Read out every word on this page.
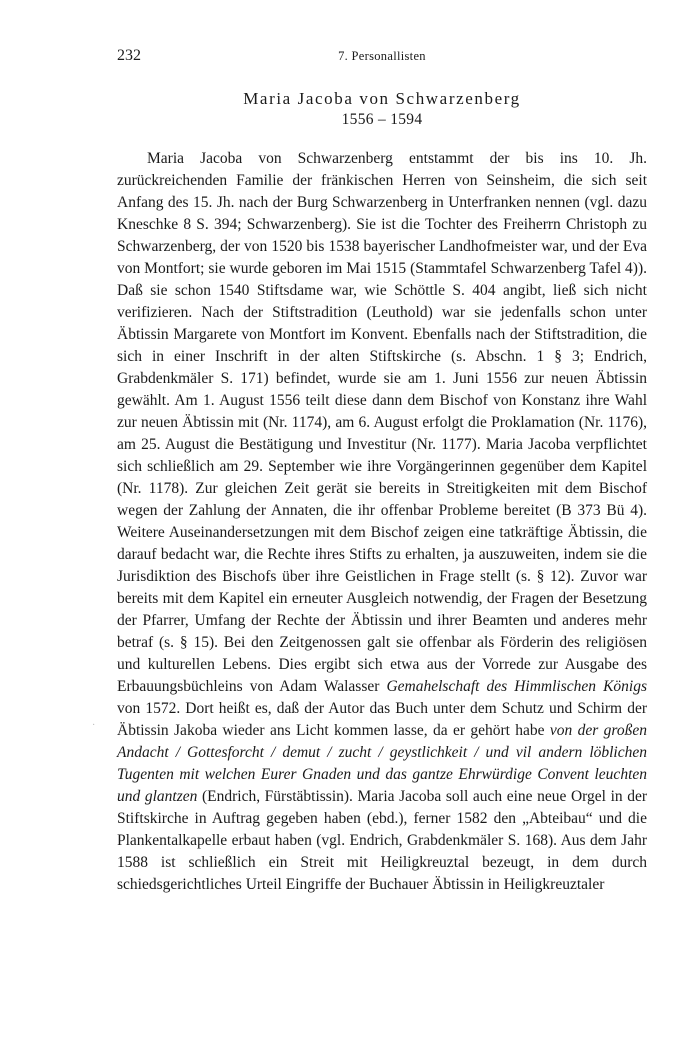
232	7. Personallisten
Maria Jacoba von Schwarzenberg
1556 – 1594

Maria Jacoba von Schwarzenberg entstammt der bis ins 10. Jh. zurückreichenden Familie der fränkischen Herren von Seinsheim, die sich seit Anfang des 15. Jh. nach der Burg Schwarzenberg in Unterfranken nennen (vgl. dazu Kneschke 8 S. 394; Schwarzenberg). Sie ist die Tochter des Freiherrn Christoph zu Schwarzenberg, der von 1520 bis 1538 bayerischer Landhofmeister war, und der Eva von Montfort; sie wurde geboren im Mai 1515 (Stammtafel Schwarzenberg Tafel 4)). Daß sie schon 1540 Stiftsdame war, wie Schöttle S. 404 angibt, ließ sich nicht verifizieren. Nach der Stiftstradition (Leuthold) war sie jedenfalls schon unter Äbtissin Margarete von Montfort im Konvent. Ebenfalls nach der Stiftstradition, die sich in einer Inschrift in der alten Stiftskirche (s. Abschn. 1 § 3; Endrich, Grabdenkmäler S. 171) befindet, wurde sie am 1. Juni 1556 zur neuen Äbtissin gewählt. Am 1. August 1556 teilt diese dann dem Bischof von Konstanz ihre Wahl zur neuen Äbtissin mit (Nr. 1174), am 6. August erfolgt die Proklamation (Nr. 1176), am 25. August die Bestätigung und Investitur (Nr. 1177). Maria Jacoba verpflichtet sich schließlich am 29. September wie ihre Vorgängerinnen gegenüber dem Kapitel (Nr. 1178). Zur gleichen Zeit gerät sie bereits in Streitigkeiten mit dem Bischof wegen der Zahlung der Annaten, die ihr offenbar Probleme bereitet (B 373 Bü 4). Weitere Auseinandersetzungen mit dem Bischof zeigen eine tatkräftige Äbtissin, die darauf bedacht war, die Rechte ihres Stifts zu erhalten, ja auszuweiten, indem sie die Jurisdiktion des Bischofs über ihre Geistlichen in Frage stellt (s. § 12). Zuvor war bereits mit dem Kapitel ein erneuter Ausgleich notwendig, der Fragen der Besetzung der Pfarrer, Umfang der Rechte der Äbtissin und ihrer Beamten und anderes mehr betraf (s. § 15). Bei den Zeitgenossen galt sie offenbar als Förderin des religiösen und kulturellen Lebens. Dies ergibt sich etwa aus der Vorrede zur Ausgabe des Erbauungsbüchleins von Adam Walasser Gemahelschaft des Himmlischen Königs von 1572. Dort heißt es, daß der Autor das Buch unter dem Schutz und Schirm der Äbtissin Jakoba wieder ans Licht kommen lasse, da er gehört habe von der großen Andacht / Gottesforcht / demut / zucht / geystlichkeit / und vil andern löblichen Tugenten mit welchen Eurer Gnaden und das gantze Ehrwürdige Convent leuchten und glantzen (Endrich, Fürstäbtissin). Maria Jacoba soll auch eine neue Orgel in der Stiftskirche in Auftrag gegeben haben (ebd.), ferner 1582 den „Abteibau“ und die Plankentalkapelle erbaut haben (vgl. Endrich, Grabdenkmäler S. 168). Aus dem Jahr 1588 ist schließlich ein Streit mit Heiligkreuztal bezeugt, in dem durch schiedsgerichtliches Urteil Eingriffe der Buchauer Äbtissin in Heiligkreuztaler

·
